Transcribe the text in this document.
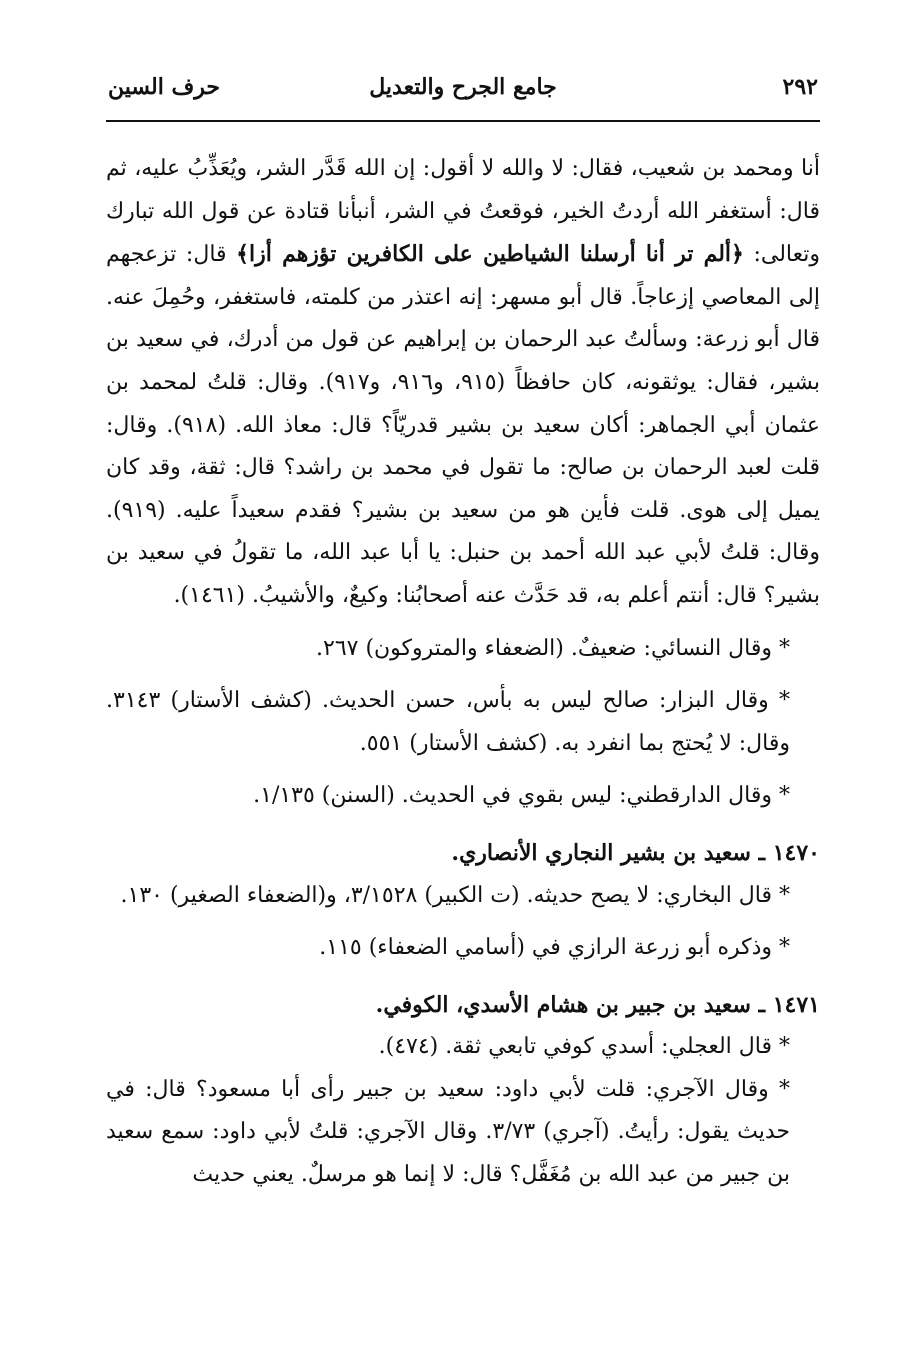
٢٩٢
جامع الجرح والتعديل
حرف السين

أنا ومحمد بن شعيب، فقال: لا والله لا أقول: إن الله قَدَّر الشر، ويُعَذِّبُ عليه، ثم قال: أستغفر الله أردتُ الخير، فوقعتُ في الشر، أنبأنا قتادة عن قول الله تبارك وتعالى: ﴿ألم تر أنا أرسلنا الشياطين على الكافرين تؤزهم أزا﴾ قال: تزعجهم إلى المعاصي إزعاجاً. قال أبو مسهر: إنه اعتذر من كلمته، فاستغفر، وحُمِلَ عنه. قال أبو زرعة: وسألتُ عبد الرحمان بن إبراهيم عن قول من أدرك، في سعيد بن بشير، فقال: يوثقونه، كان حافظاً (٩١٥، و٩١٦، و٩١٧). وقال: قلتُ لمحمد بن عثمان أبي الجماهر: أكان سعيد بن بشير قدريّاً؟ قال: معاذ الله. (٩١٨). وقال: قلت لعبد الرحمان بن صالح: ما تقول في محمد بن راشد؟ قال: ثقة، وقد كان يميل إلى هوى. قلت فأين هو من سعيد بن بشير؟ فقدم سعيداً عليه. (٩١٩). وقال: قلتُ لأبي عبد الله أحمد بن حنبل: يا أبا عبد الله، ما تقولُ في سعيد بن بشير؟ قال: أنتم أعلم به، قد حَدَّث عنه أصحابُنا: وكيعٌ، والأشيبُ. (١٤٦١).

* وقال النسائي: ضعيفٌ. (الضعفاء والمتروكون) ٢٦٧.

* وقال البزار: صالح ليس به بأس، حسن الحديث. (كشف الأستار) ٣١٤٣. وقال: لا يُحتج بما انفرد به. (كشف الأستار) ٥٥١.

* وقال الدارقطني: ليس بقوي في الحديث. (السنن) ١/١٣٥.

١٤٧٠ ـ سعيد بن بشير النجاري الأنصاري.

* قال البخاري: لا يصح حديثه. (ت الكبير) ٣/١٥٢٨، و(الضعفاء الصغير) ١٣٠.

* وذكره أبو زرعة الرازي في (أسامي الضعفاء) ١١٥.

١٤٧١ ـ سعيد بن جبير بن هشام الأسدي، الكوفي.

* قال العجلي: أسدي كوفي تابعي ثقة. (٤٧٤).

* وقال الآجري: قلت لأبي داود: سعيد بن جبير رأى أبا مسعود؟ قال: في حديث يقول: رأيتُ. (آجري) ٣/٧٣. وقال الآجري: قلتُ لأبي داود: سمع سعيد بن جبير من عبد الله بن مُغَفَّل؟ قال: لا إنما هو مرسلٌ. يعني حديث
